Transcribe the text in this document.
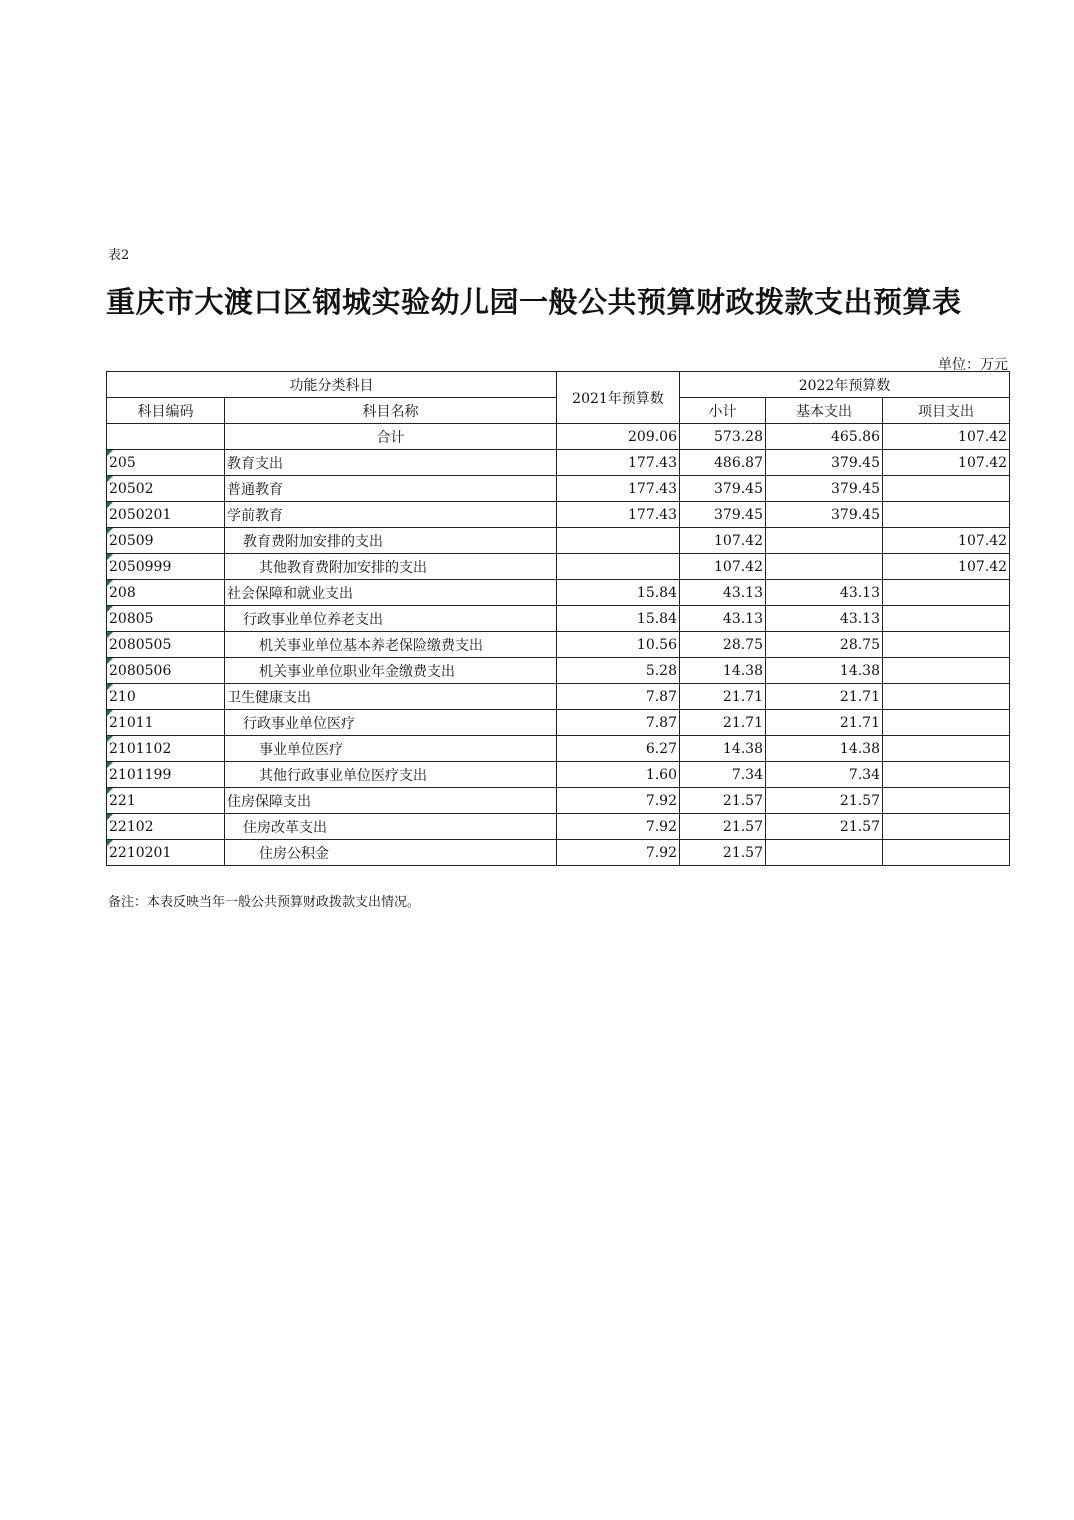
表2
重庆市大渡口区钢城实验幼儿园一般公共预算财政拨款支出预算表
单位：万元
功能分类科目		2021年预算数	2022年预算数		
科目编码	科目名称		小计	基本支出	项目支出
	合计	209.06	573.28	465.86	107.42

205	教育支出	177.43	486.87	379.45	107.42

20502	普通教育	177.43	379.45	379.45	

2050201	学前教育	177.43	379.45	379.45	

20509	教育费附加安排的支出		107.42		107.42

2050999	其他教育费附加安排的支出		107.42		107.42

208	社会保障和就业支出	15.84	43.13	43.13	

20805	行政事业单位养老支出	15.84	43.13	43.13	

2080505	机关事业单位基本养老保险缴费支出	10.56	28.75	28.75	

2080506	机关事业单位职业年金缴费支出	5.28	14.38	14.38	

210	卫生健康支出	7.87	21.71	21.71	

21011	行政事业单位医疗	7.87	21.71	21.71	

2101102	事业单位医疗	6.27	14.38	14.38	

2101199	其他行政事业单位医疗支出	1.60	7.34	7.34	

221	住房保障支出	7.92	21.57	21.57	

22102	住房改革支出	7.92	21.57	21.57	

2210201	住房公积金	7.92	21.57		
备注：本表反映当年一般公共预算财政拨款支出情况。
